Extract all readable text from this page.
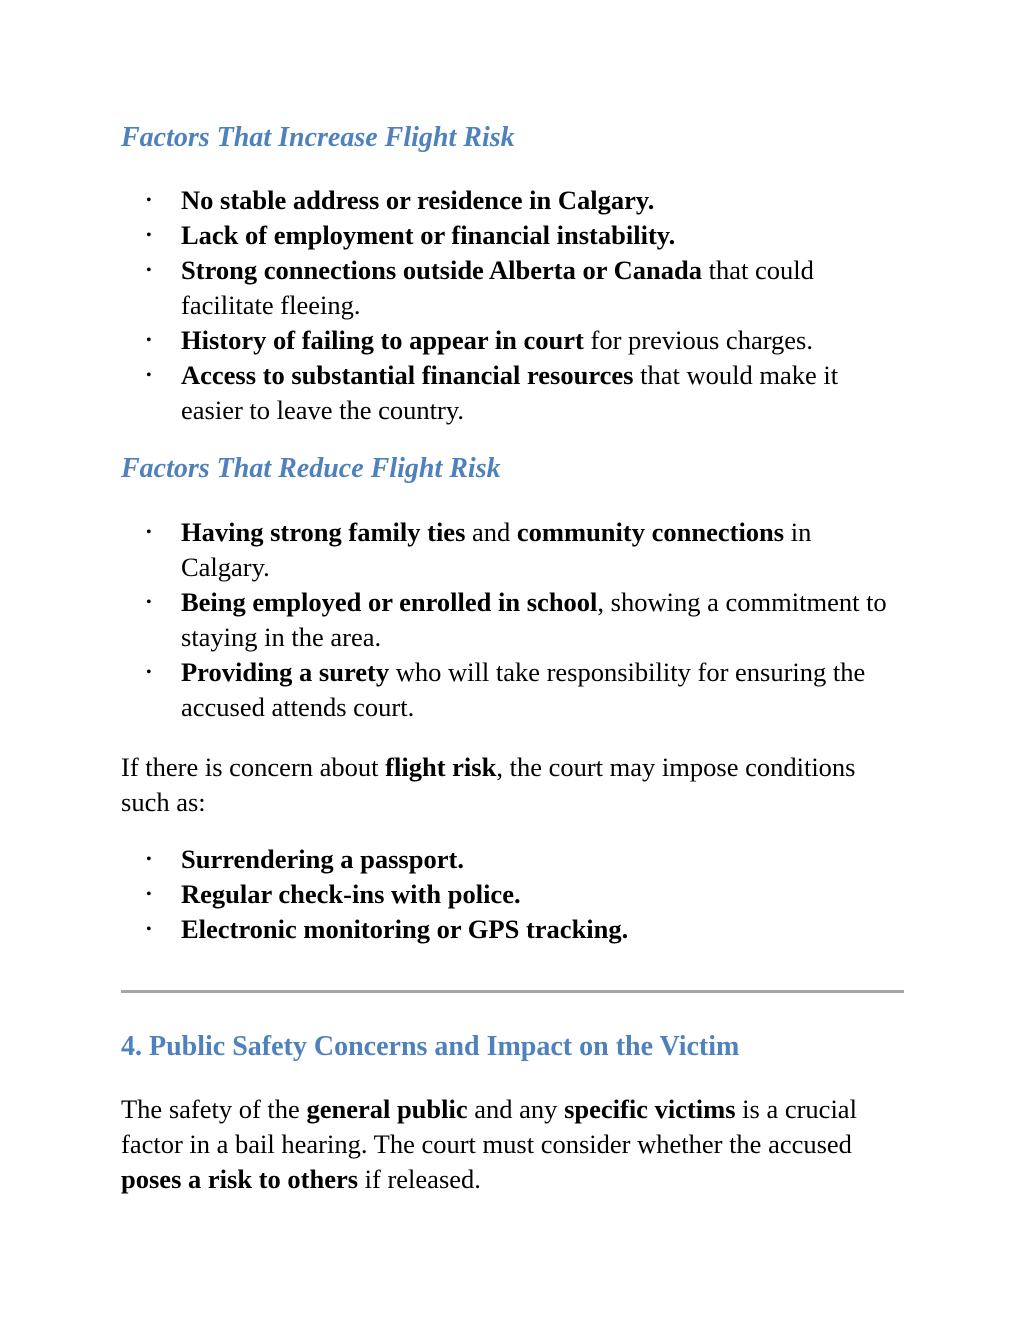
Factors That Increase Flight Risk
• No stable address or residence in Calgary.
• Lack of employment or financial instability.
• Strong connections outside Alberta or Canada that could facilitate fleeing.
• History of failing to appear in court for previous charges.
• Access to substantial financial resources that would make it easier to leave the country.
Factors That Reduce Flight Risk
• Having strong family ties and community connections in Calgary.
• Being employed or enrolled in school, showing a commitment to staying in the area.
• Providing a surety who will take responsibility for ensuring the accused attends court.

If there is concern about flight risk, the court may impose conditions such as:

• Surrendering a passport.
• Regular check-ins with police.
• Electronic monitoring or GPS tracking.
4. Public Safety Concerns and Impact on the Victim

The safety of the general public and any specific victims is a crucial factor in a bail hearing. The court must consider whether the accused poses a risk to others if released.
